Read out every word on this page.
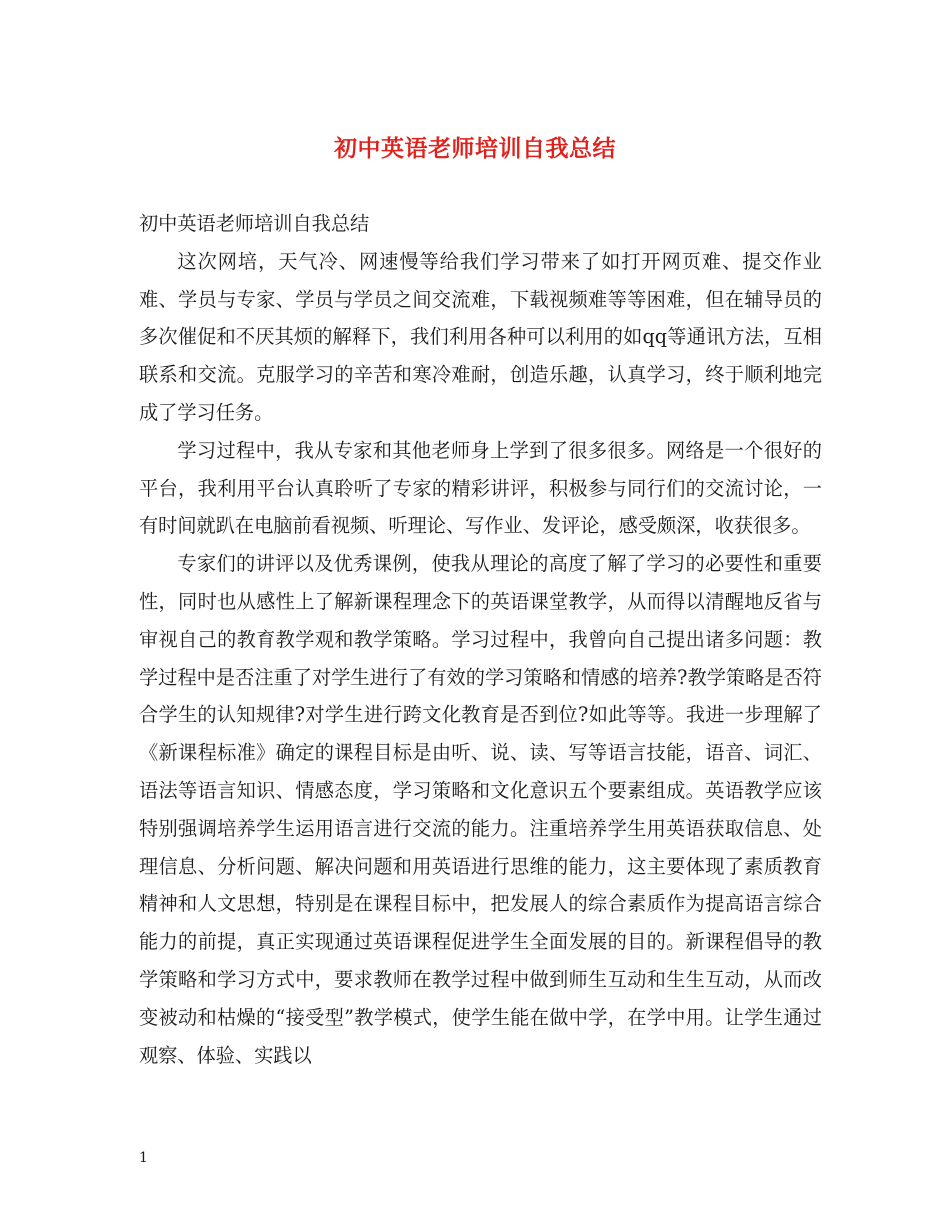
初中英语老师培训自我总结

初中英语老师培训自我总结

这次网培，天气冷、网速慢等给我们学习带来了如打开网页难、提交作业难、学员与专家、学员与学员之间交流难，下载视频难等等困难，但在辅导员的多次催促和不厌其烦的解释下，我们利用各种可以利用的如qq等通讯方法，互相联系和交流。克服学习的辛苦和寒冷难耐，创造乐趣，认真学习，终于顺利地完成了学习任务。

学习过程中，我从专家和其他老师身上学到了很多很多。网络是一个很好的平台，我利用平台认真聆听了专家的精彩讲评，积极参与同行们的交流讨论，一有时间就趴在电脑前看视频、听理论、写作业、发评论，感受颇深，收获很多。

专家们的讲评以及优秀课例，使我从理论的高度了解了学习的必要性和重要性，同时也从感性上了解新课程理念下的英语课堂教学，从而得以清醒地反省与审视自己的教育教学观和教学策略。学习过程中，我曾向自己提出诸多问题：教学过程中是否注重了对学生进行了有效的学习策略和情感的培养?教学策略是否符合学生的认知规律?对学生进行跨文化教育是否到位?如此等等。我进一步理解了《新课程标准》确定的课程目标是由听、说、读、写等语言技能，语音、词汇、语法等语言知识、情感态度，学习策略和文化意识五个要素组成。英语教学应该特别强调培养学生运用语言进行交流的能力。注重培养学生用英语获取信息、处理信息、分析问题、解决问题和用英语进行思维的能力，这主要体现了素质教育精神和人文思想，特别是在课程目标中，把发展人的综合素质作为提高语言综合能力的前提，真正实现通过英语课程促进学生全面发展的目的。新课程倡导的教学策略和学习方式中，要求教师在教学过程中做到师生互动和生生互动，从而改变被动和枯燥的“接受型”教学模式，使学生能在做中学，在学中用。让学生通过观察、体验、实践以

1
